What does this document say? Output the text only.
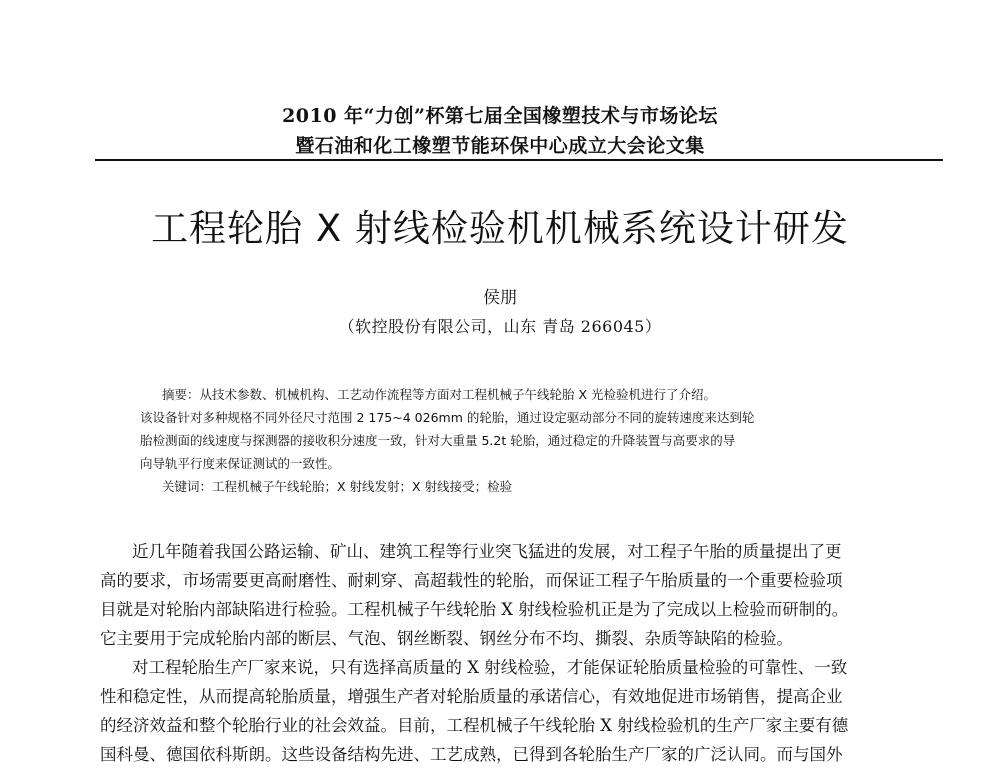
2010 年“力创”杯第七届全国橡塑技术与市场论坛
暨石油和化工橡塑节能环保中心成立大会论文集
工程轮胎 X 射线检验机机械系统设计研发
侯朋
（软控股份有限公司，山东 青岛 266045）
摘要：从技术参数、机械机构、工艺动作流程等方面对工程机械子午线轮胎 X 光检验机进行了介绍。
该设备针对多种规格不同外径尺寸范围 2 175~4 026mm 的轮胎，通过设定驱动部分不同的旋转速度来达到轮
胎检测面的线速度与探测器的接收积分速度一致，针对大重量 5.2t 轮胎，通过稳定的升降装置与高要求的导
向导轨平行度来保证测试的一致性。
关键词：工程机械子午线轮胎；X 射线发射；X 射线接受；检验
近几年随着我国公路运输、矿山、建筑工程等行业突飞猛进的发展，对工程子午胎的质量提出了更
高的要求，市场需要更高耐磨性、耐刺穿、高超载性的轮胎，而保证工程子午胎质量的一个重要检验项
目就是对轮胎内部缺陷进行检验。工程机械子午线轮胎 X 射线检验机正是为了完成以上检验而研制的。
它主要用于完成轮胎内部的断层、气泡、钢丝断裂、钢丝分布不均、撕裂、杂质等缺陷的检验。
对工程轮胎生产厂家来说，只有选择高质量的 X 射线检验，才能保证轮胎质量检验的可靠性、一致
性和稳定性，从而提高轮胎质量，增强生产者对轮胎质量的承诺信心，有效地促进市场销售，提高企业
的经济效益和整个轮胎行业的社会效益。目前，工程机械子午线轮胎 X 射线检验机的生产厂家主要有德
国科曼、德国依科斯朗。这些设备结构先进、工艺成熟，已得到各轮胎生产厂家的广泛认同。而与国外
